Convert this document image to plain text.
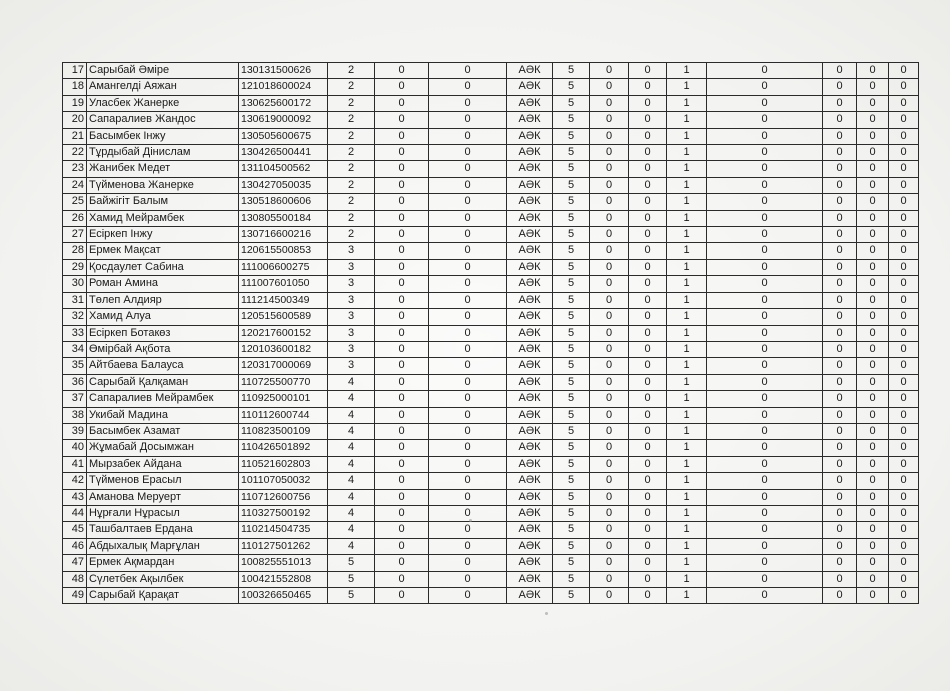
17	Сарыбай Әміре	130131500626	2	0	0	АӘК	5	0	0	1	0	0	0	0
18	Амангелді Аяжан	121018600024	2	0	0	АӘК	5	0	0	1	0	0	0	0
19	Уласбек Жанерке	130625600172	2	0	0	АӘК	5	0	0	1	0	0	0	0
20	Сапаралиев Жандос	130619000092	2	0	0	АӘК	5	0	0	1	0	0	0	0
21	Басымбек Інжу	130505600675	2	0	0	АӘК	5	0	0	1	0	0	0	0
22	Тұрдыбай Дінислам	130426500441	2	0	0	АӘК	5	0	0	1	0	0	0	0
23	Жанибек Медет	131104500562	2	0	0	АӘК	5	0	0	1	0	0	0	0
24	Түйменова Жанерке	130427050035	2	0	0	АӘК	5	0	0	1	0	0	0	0
25	Байжігіт Балым	130518600606	2	0	0	АӘК	5	0	0	1	0	0	0	0
26	Хамид Мейрамбек	130805500184	2	0	0	АӘК	5	0	0	1	0	0	0	0
27	Есіркеп Інжу	130716600216	2	0	0	АӘК	5	0	0	1	0	0	0	0
28	Ермек Мақсат	120615500853	3	0	0	АӘК	5	0	0	1	0	0	0	0
29	Қосдаулет Сабина	111006600275	3	0	0	АӘК	5	0	0	1	0	0	0	0
30	Роман Амина	111007601050	3	0	0	АӘК	5	0	0	1	0	0	0	0
31	Төлеп Алдияр	111214500349	3	0	0	АӘК	5	0	0	1	0	0	0	0
32	Хамид Алуа	120515600589	3	0	0	АӘК	5	0	0	1	0	0	0	0
33	Есіркеп Ботакөз	120217600152	3	0	0	АӘК	5	0	0	1	0	0	0	0
34	Өмірбай Ақбота	120103600182	3	0	0	АӘК	5	0	0	1	0	0	0	0
35	Айтбаева Балауса	120317000069	3	0	0	АӘК	5	0	0	1	0	0	0	0
36	Сарыбай Қалқаман	110725500770	4	0	0	АӘК	5	0	0	1	0	0	0	0
37	Сапаралиев Мейрамбек	110925000101	4	0	0	АӘК	5	0	0	1	0	0	0	0
38	Укибай Мадина	110112600744	4	0	0	АӘК	5	0	0	1	0	0	0	0
39	Басымбек Азамат	110823500109	4	0	0	АӘК	5	0	0	1	0	0	0	0
40	Жұмабай Досымжан	110426501892	4	0	0	АӘК	5	0	0	1	0	0	0	0
41	Мырзабек Айдана	110521602803	4	0	0	АӘК	5	0	0	1	0	0	0	0
42	Түйменов Ерасыл	101107050032	4	0	0	АӘК	5	0	0	1	0	0	0	0
43	Аманова Меруерт	110712600756	4	0	0	АӘК	5	0	0	1	0	0	0	0
44	Нұрғали Нұрасыл	110327500192	4	0	0	АӘК	5	0	0	1	0	0	0	0
45	Ташбалтаев Ердана	110214504735	4	0	0	АӘК	5	0	0	1	0	0	0	0
46	Абдыхалық Марғұлан	110127501262	4	0	0	АӘК	5	0	0	1	0	0	0	0
47	Ермек Ақмардан	100825551013	5	0	0	АӘК	5	0	0	1	0	0	0	0
48	Сүлетбек Ақылбек	100421552808	5	0	0	АӘК	5	0	0	1	0	0	0	0
49	Сарыбай Қарақат	100326650465	5	0	0	АӘК	5	0	0	1	0	0	0	0
